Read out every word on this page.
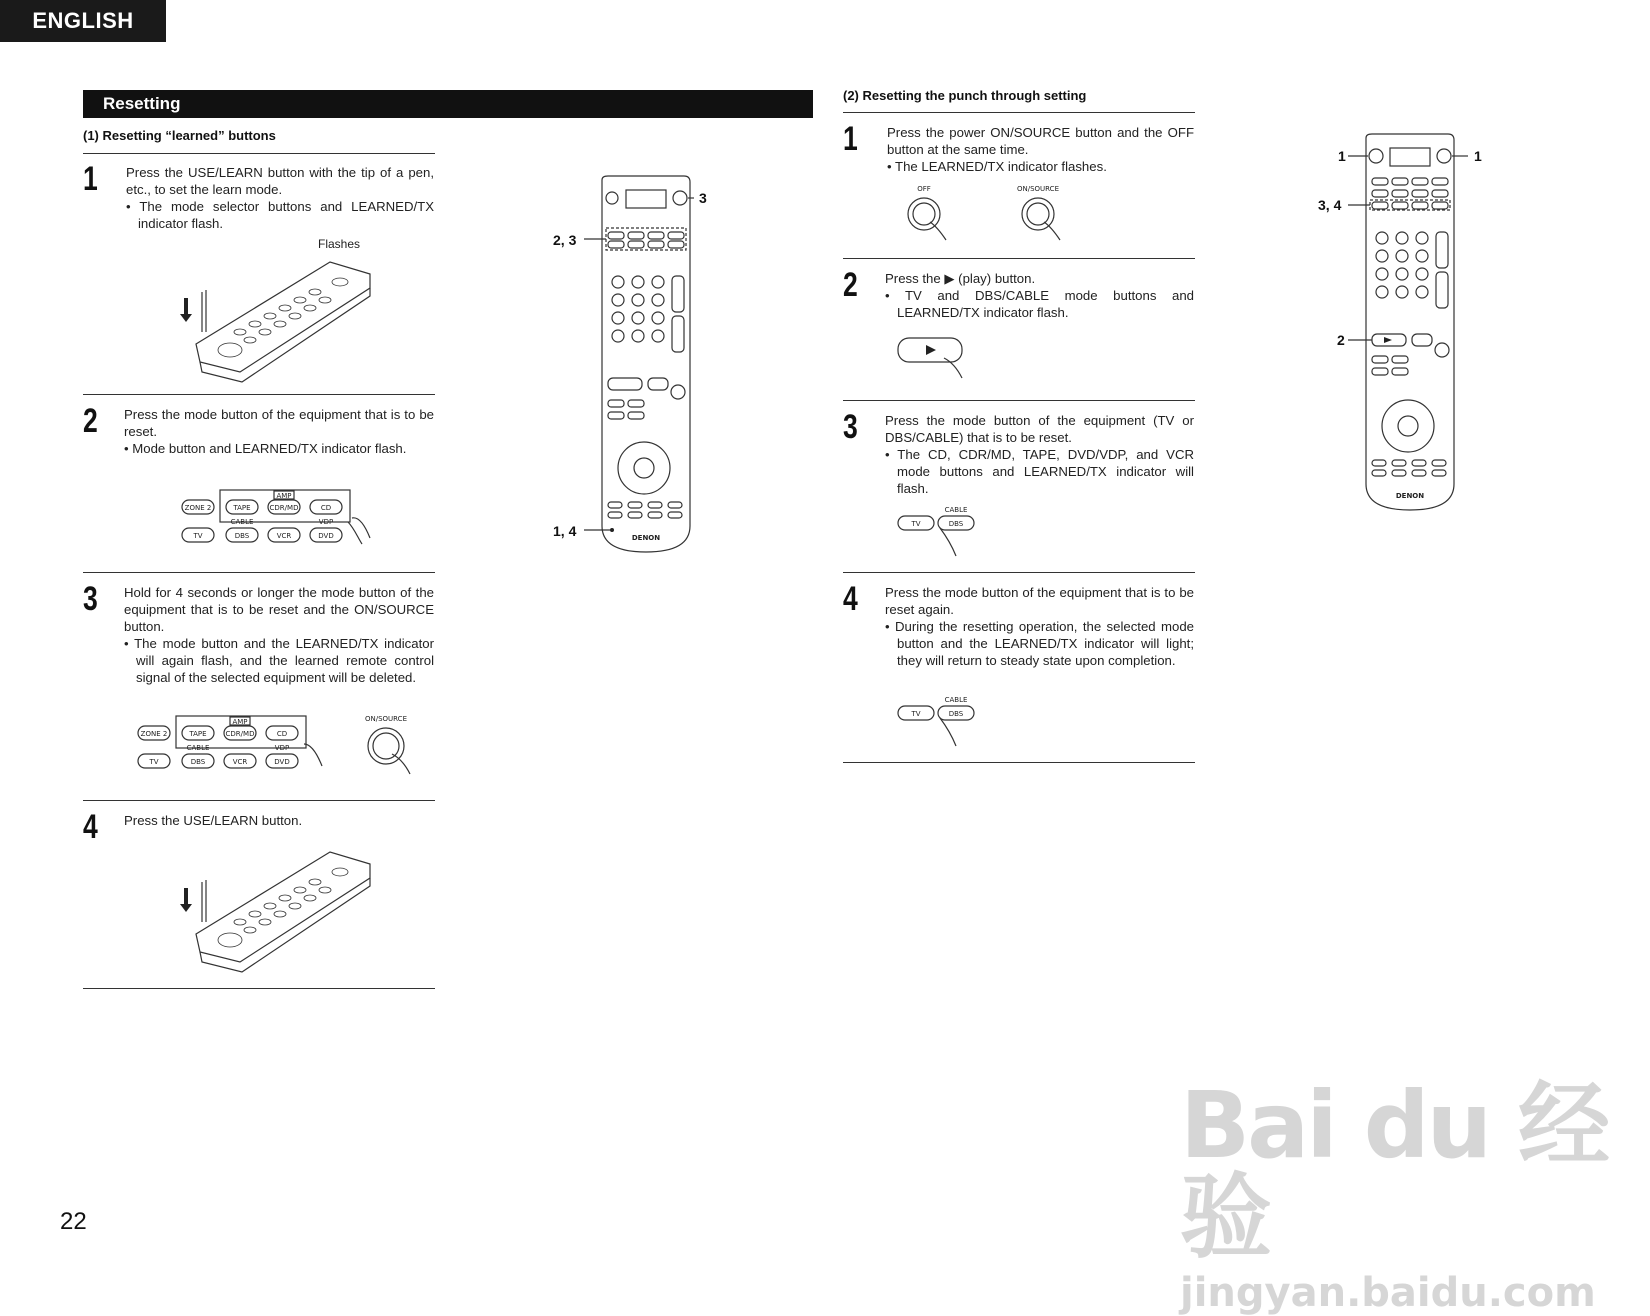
ENGLISH
Resetting
(1) Resetting “learned” buttons
1 Press the USE/LEARN button with the tip of a pen, etc., to set the learn mode.

• The mode selector buttons and LEARNED/TX indicator flash.

Flashes
2 Press the mode button of the equipment that is to be reset.

• Mode button and LEARNED/TX indicator flash.

ZONE 2	TAPE	CDR/MD	CD
AMP
CABLE	VDP
TV	DBS	VCR	DVD
3 Hold for 4 seconds or longer the mode button of the equipment that is to be reset and the ON/SOURCE button.

• The mode button and the LEARNED/TX indicator will again flash, and the learned remote control signal of the selected equipment will be deleted.

ZONE 2	TAPE	CDR/MD	CD
AMP
CABLE	VDP
TV	DBS	VCR	DVD
ON/SOURCE
4 Press the USE/LEARN button.

DENON
3
2, 3
1, 4
(2) Resetting the punch through setting
1 Press the power ON/SOURCE button and the OFF button at the same time.

• The LEARNED/TX indicator flashes.

OFF	ON/SOURCE
2 Press the ▶ (play) button.

• TV and DBS/CABLE mode buttons and LEARNED/TX indicator flash.

3 Press the mode button of the equipment (TV or DBS/CABLE) that is to be reset.

• The CD, CDR/MD, TAPE, DVD/VDP, and VCR mode buttons and LEARNED/TX indicator will flash.

CABLE
TV	DBS
4 Press the mode button of the equipment that is to be reset again.

• During the resetting operation, the selected mode button and the LEARNED/TX indicator will light; they will return to steady state upon completion.

CABLE
TV	DBS
DENON
1	1
3, 4
2
22
Bai du 经验
jingyan.baidu.com
